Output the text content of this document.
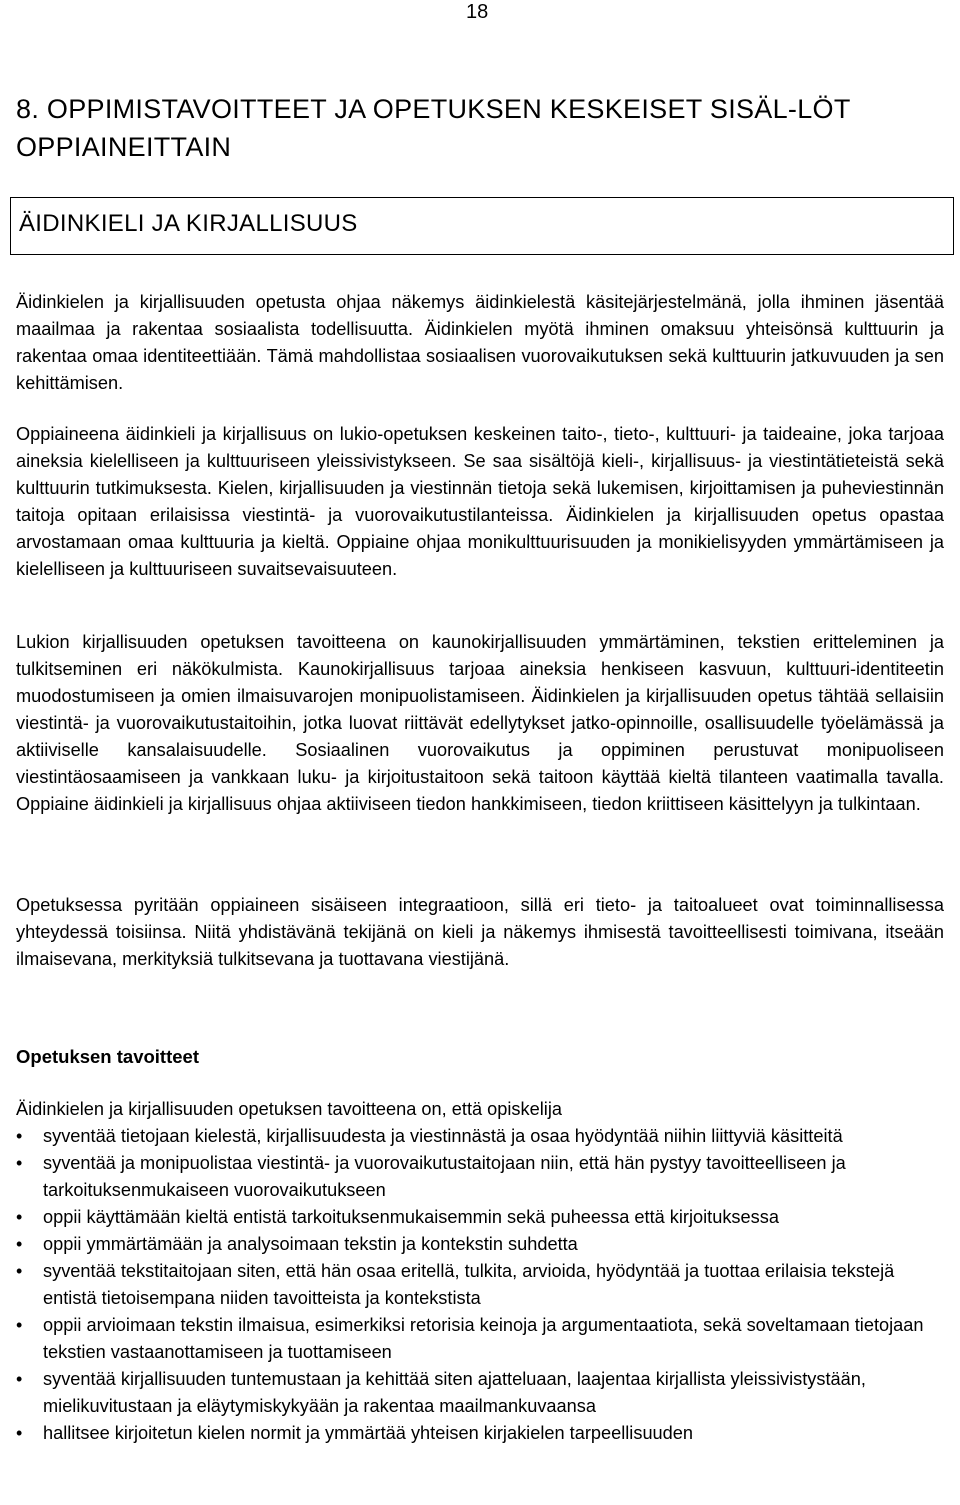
18
8. OPPIMISTAVOITTEET JA OPETUKSEN KESKEISET SISÄL-LÖT OPPIAINEITTAIN
ÄIDINKIELI JA KIRJALLISUUS

Äidinkielen ja kirjallisuuden opetusta ohjaa näkemys äidinkielestä käsitejärjestelmänä, jolla ihminen jäsentää maailmaa ja rakentaa sosiaalista todellisuutta. Äidinkielen myötä ihminen omaksuu yhteisönsä kulttuurin ja rakentaa omaa identiteettiään. Tämä mahdollistaa sosiaalisen vuorovaikutuksen sekä kulttuurin jatkuvuuden ja sen kehittämisen.

Oppiaineena äidinkieli ja kirjallisuus on lukio-opetuksen keskeinen taito-, tieto-, kulttuuri- ja taideaine, joka tarjoaa aineksia kielelliseen ja kulttuuriseen yleissivistykseen. Se saa sisältöjä kieli-, kirjallisuus- ja viestintätieteistä sekä kulttuurin tutkimuksesta. Kielen, kirjallisuuden ja viestinnän tietoja sekä lukemisen, kirjoittamisen ja puheviestinnän taitoja opitaan erilaisissa viestintä- ja vuorovaikutustilanteissa. Äidinkielen ja kirjallisuuden opetus opastaa arvostamaan omaa kulttuuria ja kieltä. Oppiaine ohjaa monikulttuurisuuden ja monikielisyyden ymmärtämiseen ja kielelliseen ja kulttuuriseen suvaitsevaisuuteen.

Lukion kirjallisuuden opetuksen tavoitteena on kaunokirjallisuuden ymmärtäminen, tekstien eritteleminen ja tulkitseminen eri näkökulmista. Kaunokirjallisuus tarjoaa aineksia henkiseen kasvuun, kulttuuri-identiteetin muodostumiseen ja omien ilmaisuvarojen monipuolistamiseen. Äidinkielen ja kirjallisuuden opetus tähtää sellaisiin viestintä- ja vuorovaikutustaitoihin, jotka luovat riittävät edellytykset jatko-opinnoille, osallisuudelle työelämässä ja aktiiviselle kansalaisuudelle. Sosiaalinen vuorovaikutus ja oppiminen perustuvat monipuoliseen viestintäosaamiseen ja vankkaan luku- ja kirjoitustaitoon sekä taitoon käyttää kieltä tilanteen vaatimalla tavalla. Oppiaine äidinkieli ja kirjallisuus ohjaa aktiiviseen tiedon hankkimiseen, tiedon kriittiseen käsittelyyn ja tulkintaan.

Opetuksessa pyritään oppiaineen sisäiseen integraatioon, sillä eri tieto- ja taitoalueet ovat toiminnallisessa yhteydessä toisiinsa. Niitä yhdistävänä tekijänä on kieli ja näkemys ihmisestä tavoitteellisesti toimivana, itseään ilmaisevana, merkityksiä tulkitsevana ja tuottavana viestijänä.

Opetuksen tavoitteet

Äidinkielen ja kirjallisuuden opetuksen tavoitteena on, että opiskelija

•	syventää tietojaan kielestä, kirjallisuudesta ja viestinnästä ja osaa hyödyntää niihin liittyviä käsitteitä
•	syventää ja monipuolistaa viestintä- ja vuorovaikutustaitojaan niin, että hän pystyy tavoitteelliseen ja tarkoituksenmukaiseen vuorovaikutukseen
•	oppii käyttämään kieltä entistä tarkoituksenmukaisemmin sekä puheessa että kirjoituksessa
•	oppii ymmärtämään ja analysoimaan tekstin ja kontekstin suhdetta
•	syventää tekstitaitojaan siten, että hän osaa eritellä, tulkita, arvioida, hyödyntää ja tuottaa erilaisia tekstejä entistä tietoisempana niiden tavoitteista ja kontekstista
•	oppii arvioimaan tekstin ilmaisua, esimerkiksi retorisia keinoja ja argumentaatiota, sekä soveltamaan tietojaan tekstien vastaanottamiseen ja tuottamiseen
•	syventää kirjallisuuden tuntemustaan ja kehittää siten ajatteluaan, laajentaa kirjallista yleissivistystään, mielikuvitustaan ja eläytymiskykyään ja rakentaa maailmankuvaansa
•	hallitsee kirjoitetun kielen normit ja ymmärtää yhteisen kirjakielen tarpeellisuuden
